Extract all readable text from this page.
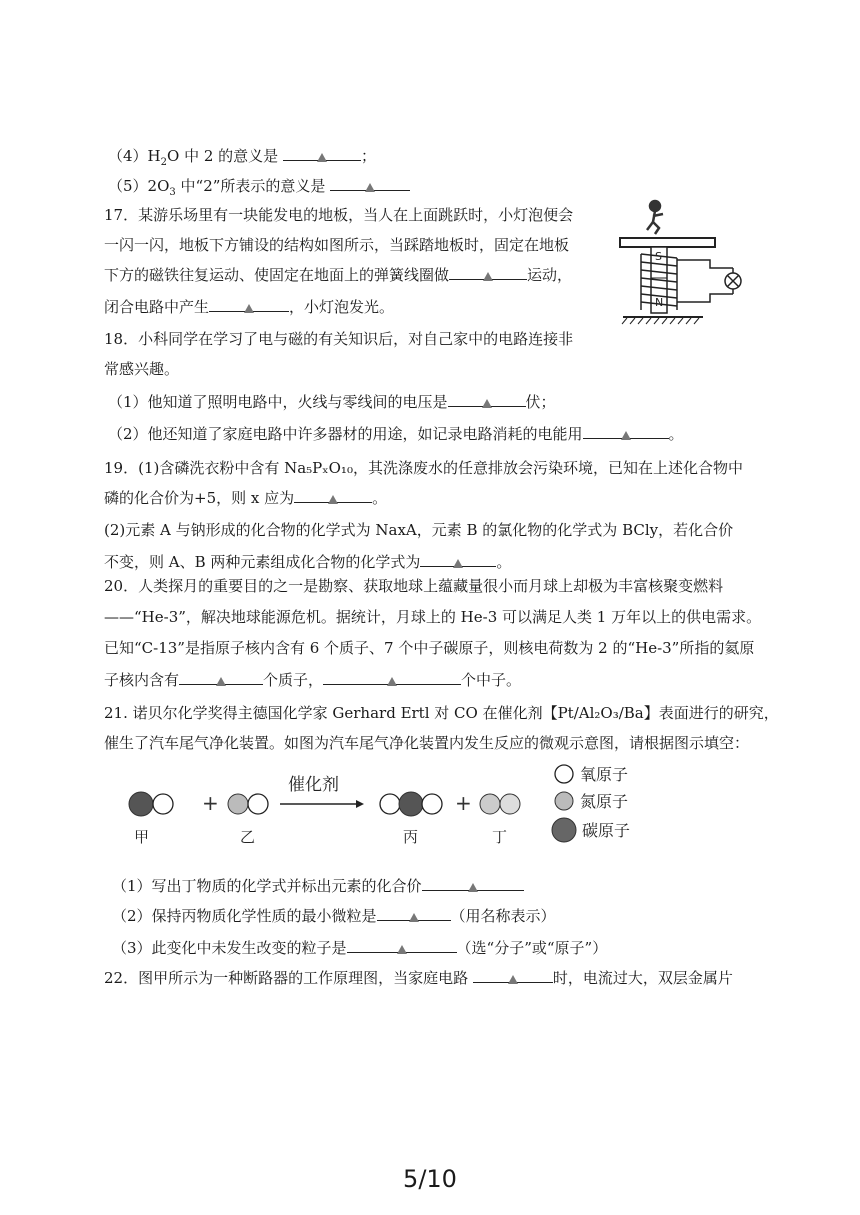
$(4)H_2O$ 中 2 的意义是	；
$(5)2O_3$ 中“2”所表示的意义是
17．某游乐场里有一块能发电的地板，当人在上面跳跃时，小灯泡便会
一闪一闪，地板下方铺设的结构如图所示，当踩踏地板时，固定在地板
下方的磁铁往复运动、使固定在地面上的弹簧线圈做	运动，
闭合电路中产生	，小灯泡发光。
S
N
18．小科同学在学习了电与磁的有关知识后，对自己家中的电路连接非
常感兴趣。
（1）他知道了照明电路中，火线与零线间的电压是	伏；
（2）他还知道了家庭电路中许多器材的用途，如记录电路消耗的电能用	。
19．(1)含磷洗衣粉中含有 Na₅PₓO₁₀，其洗涤废水的任意排放会污染环境，已知在上述化合物中
磷的化合价为+5，则 x 应为	。
(2)元素 A 与钠形成的化合物的化学式为 NaxA，元素 B 的氯化物的化学式为 BCly，若化合价
不变，则 A、B 两种元素组成化合物的化学式为	。
20．人类探月的重要目的之一是勘察、获取地球上蕴藏量很小而月球上却极为丰富核聚变燃料
——“He-3”，解决地球能源危机。据统计，月球上的 He-3 可以满足人类 1 万年以上的供电需求。
已知“C-13”是指原子核内含有 6 个质子、7 个中子碳原子，则核电荷数为 2 的“He-3”所指的氦原
子核内含有	个质子，	个中子。
21. 诺贝尔化学奖得主德国化学家 Gerhard Ertl 对 CO 在催化剂【Pt/Al₂O₃/Ba】表面进行的研究，
催生了汽车尾气净化装置。如图为汽车尾气净化装置内发生反应的微观示意图，请根据图示填空：
+
催化剂
+
甲	乙	丙	丁
氧原子
氮原子
碳原子
（1）写出丁物质的化学式并标出元素的化合价
（2）保持丙物质化学性质的最小微粒是	（用名称表示）
（3）此变化中未发生改变的粒子是	（选“分子”或“原子”）
22．图甲所示为一种断路器的工作原理图，当家庭电路	时，电流过大，双层金属片
5/10
